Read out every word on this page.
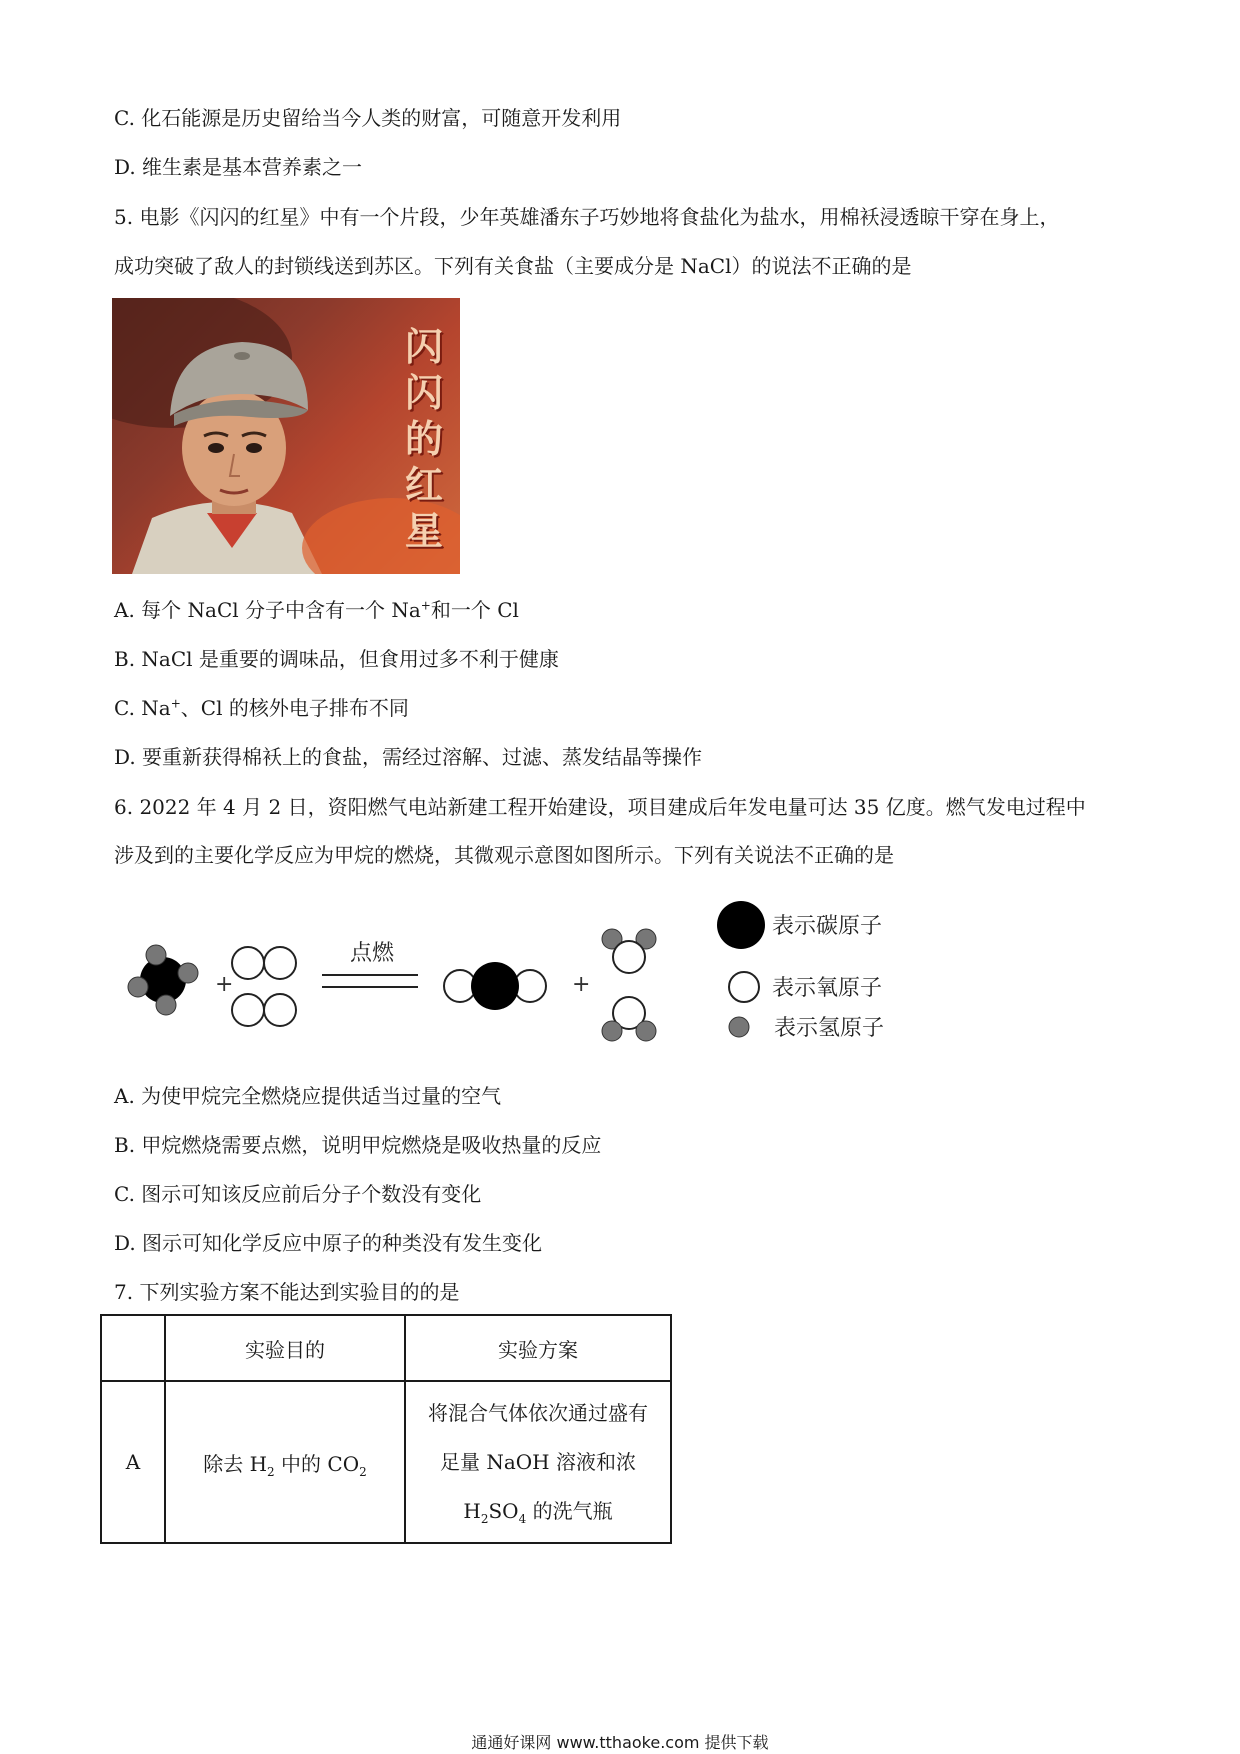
C. 化石能源是历史留给当今人类的财富，可随意开发利用
D. 维生素是基本营养素之一
5. 电影《闪闪的红星》中有一个片段，少年英雄潘东子巧妙地将食盐化为盐水，用棉袄浸透晾干穿在身上，
成功突破了敌人的封锁线送到苏区。下列有关食盐（主要成分是 NaCl）的说法不正确的是
闪闪的红星
A. 每个 NaCl 分子中含有一个 Na+和一个 Cl
B. NaCl 是重要的调味品，但食用过多不利于健康
C. Na+、Cl 的核外电子排布不同
D. 要重新获得棉袄上的食盐，需经过溶解、过滤、蒸发结晶等操作
6. 2022 年 4 月 2 日，资阳燃气电站新建工程开始建设，项目建成后年发电量可达 35 亿度。燃气发电过程中
涉及到的主要化学反应为甲烷的燃烧，其微观示意图如图所示。下列有关说法不正确的是
+
点燃
+
表示碳原子
表示氧原子
表示氢原子
A. 为使甲烷完全燃烧应提供适当过量的空气
B. 甲烷燃烧需要点燃，说明甲烷燃烧是吸收热量的反应
C. 图示可知该反应前后分子个数没有变化
D. 图示可知化学反应中原子的种类没有发生变化
7. 下列实验方案不能达到实验目的的是
	实验目的	实验方案
A	除去 $H_2$ 中的 $CO_2$	将混合气体依次通过盛有
足量 NaOH 溶液和浓
$H_2SO_4$ 的洗气瓶
通通好课网 www.tthaoke.com 提供下载
